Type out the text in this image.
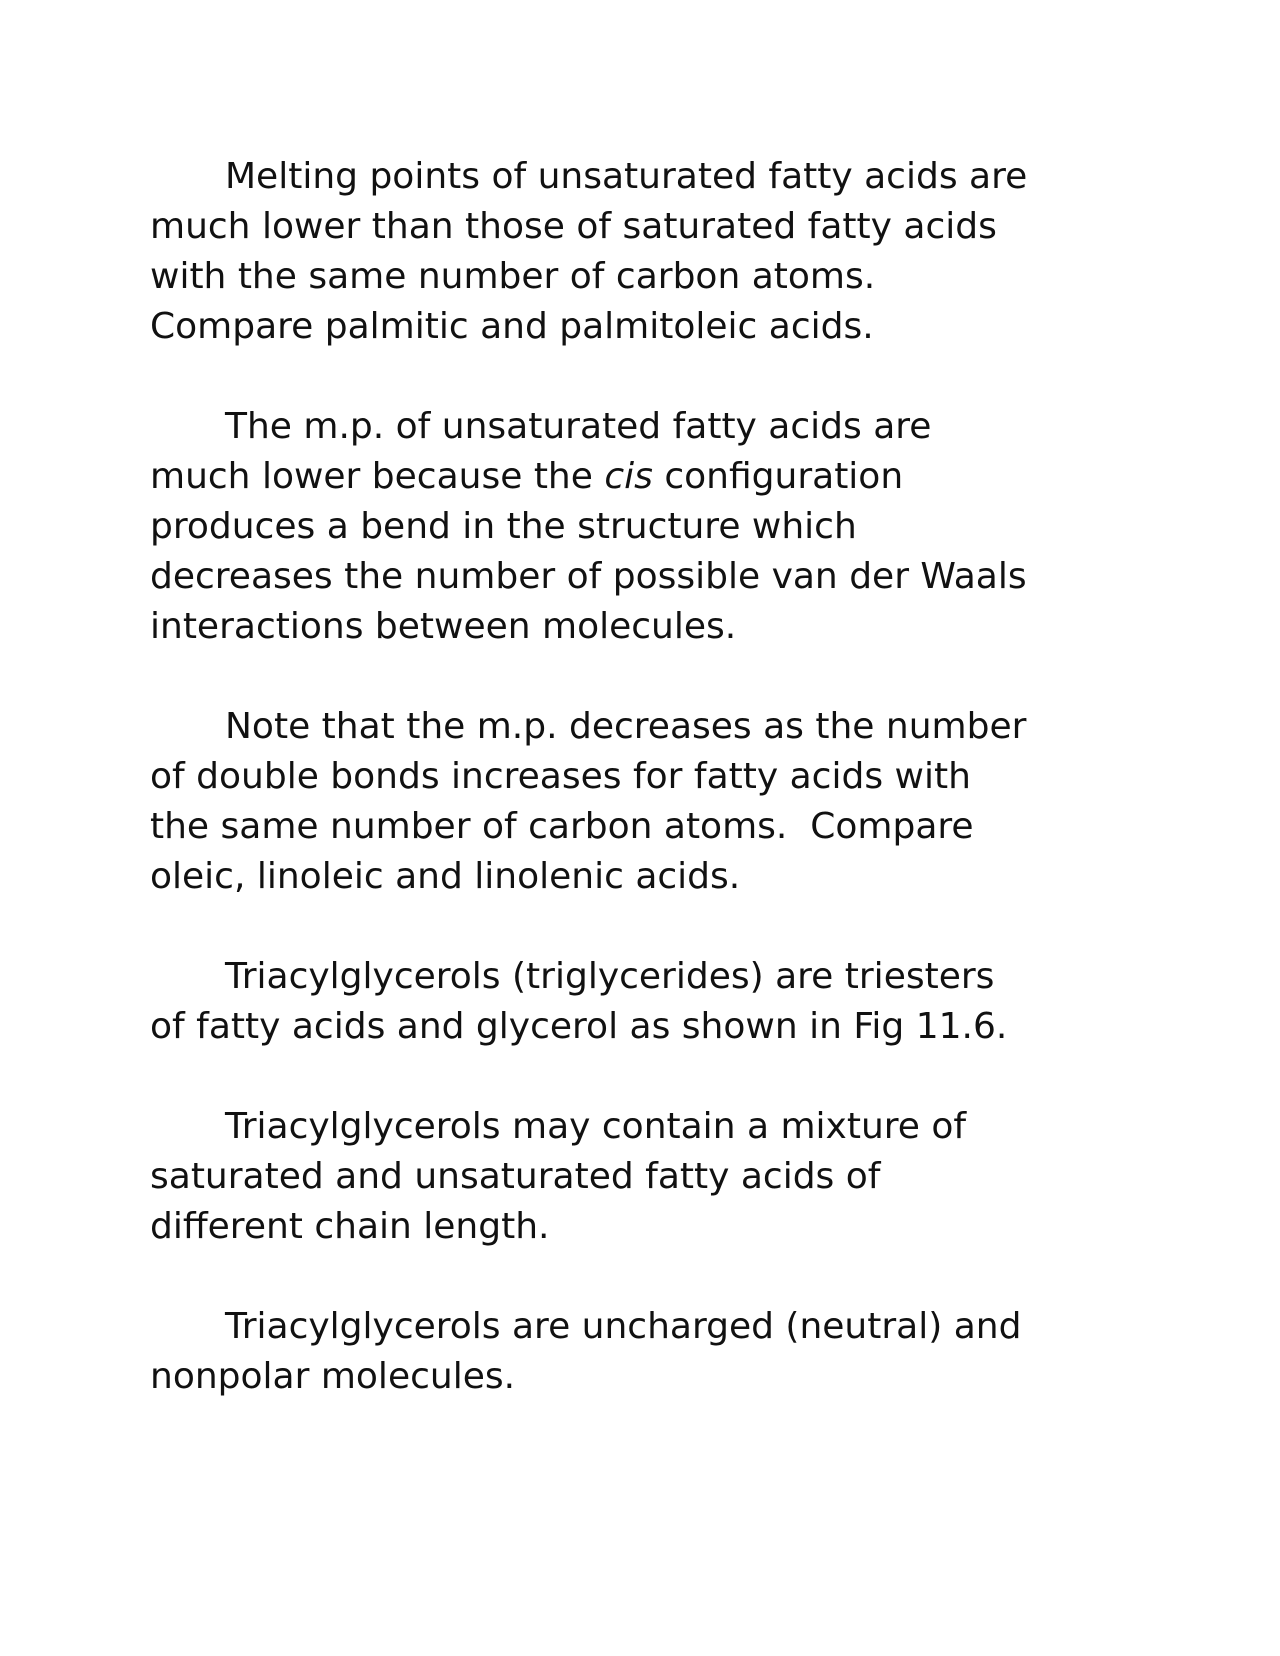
Melting points of unsaturated fatty acids are
much lower than those of saturated fatty acids
with the same number of carbon atoms.
Compare palmitic and palmitoleic acids.

The m.p. of unsaturated fatty acids are
much lower because the cis configuration
produces a bend in the structure which
decreases the number of possible van der Waals
interactions between molecules.

Note that the m.p. decreases as the number
of double bonds increases for fatty acids with
the same number of carbon atoms.  Compare
oleic, linoleic and linolenic acids.

Triacylglycerols (triglycerides) are triesters
of fatty acids and glycerol as shown in Fig 11.6.

Triacylglycerols may contain a mixture of
saturated and unsaturated fatty acids of
different chain length.

Triacylglycerols are uncharged (neutral) and
nonpolar molecules.
